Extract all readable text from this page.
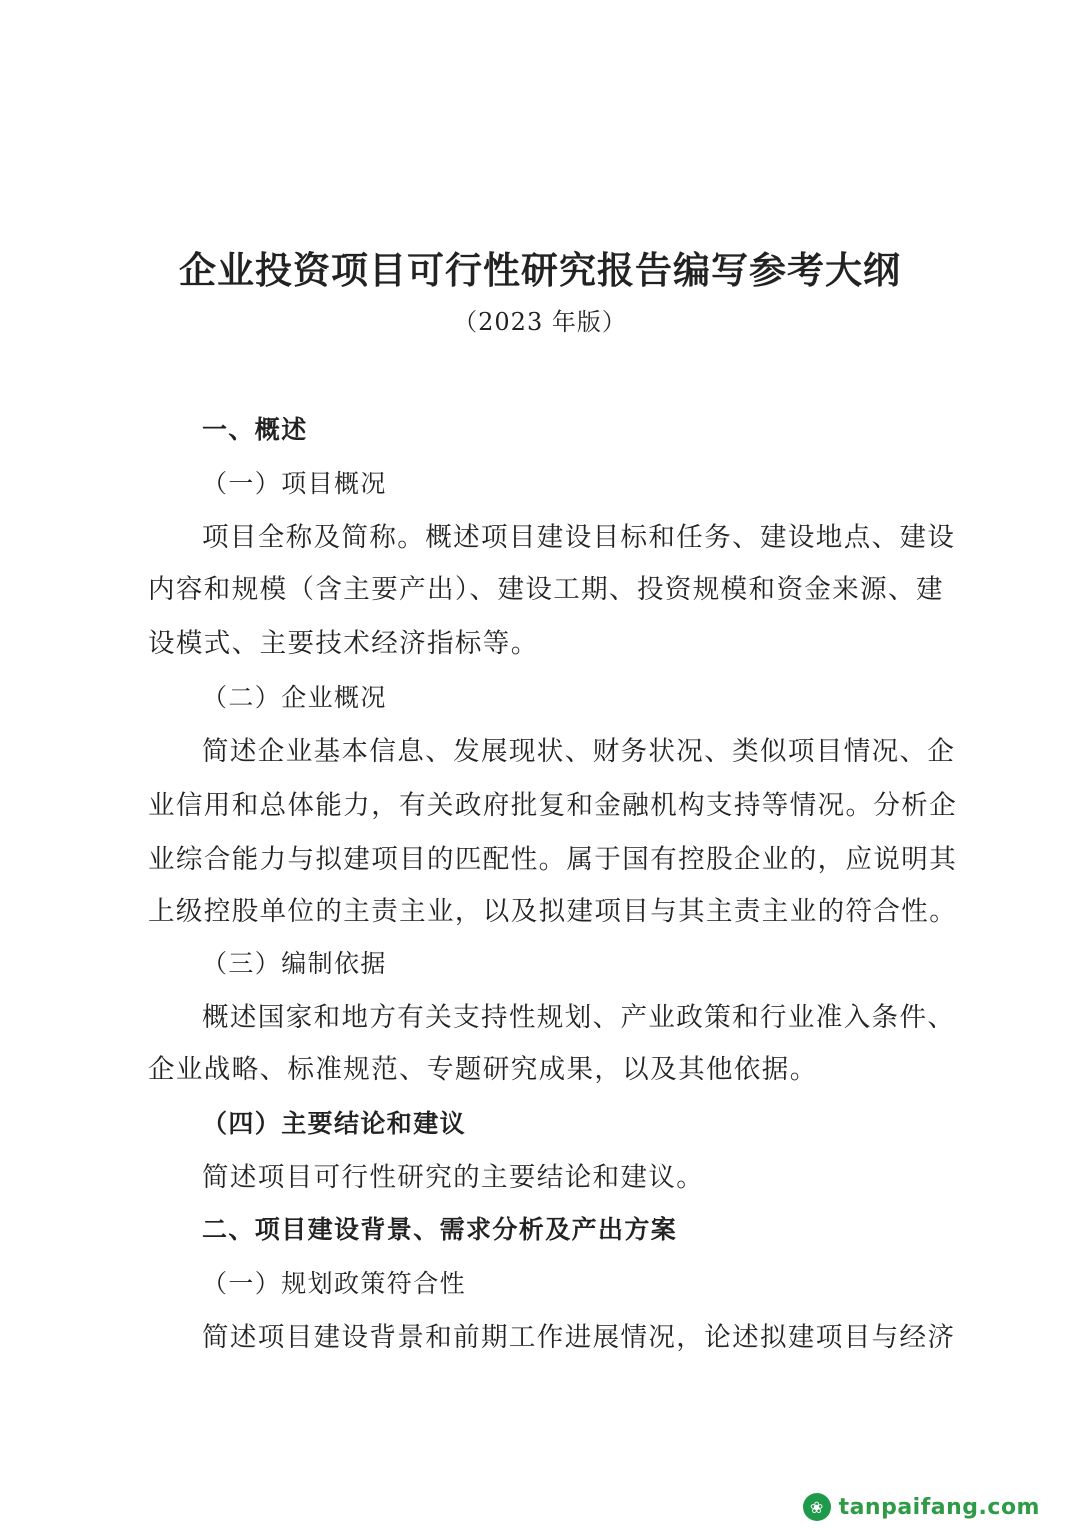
企业投资项目可行性研究报告编写参考大纲
（2023 年版）
一、概述
（一）项目概况
项目全称及简称。概述项目建设目标和任务、建设地点、建设
内容和规模（含主要产出）、建设工期、投资规模和资金来源、建
设模式、主要技术经济指标等。
（二）企业概况
简述企业基本信息、发展现状、财务状况、类似项目情况、企
业信用和总体能力，有关政府批复和金融机构支持等情况。分析企
业综合能力与拟建项目的匹配性。属于国有控股企业的，应说明其
上级控股单位的主责主业，以及拟建项目与其主责主业的符合性。
（三）编制依据
概述国家和地方有关支持性规划、产业政策和行业准入条件、
企业战略、标准规范、专题研究成果，以及其他依据。
（四）主要结论和建议
简述项目可行性研究的主要结论和建议。
二、项目建设背景、需求分析及产出方案
（一）规划政策符合性
简述项目建设背景和前期工作进展情况，论述拟建项目与经济
❀ tanpaifang.com
